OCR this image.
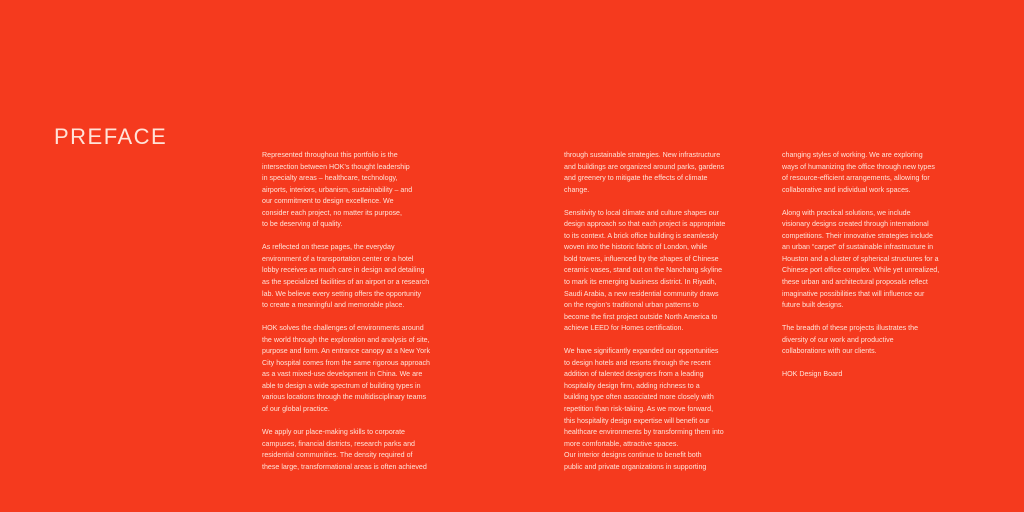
PREFACE

Represented throughout this portfolio is the
intersection between HOK’s thought leadership
in specialty areas – healthcare, technology,
airports, interiors, urbanism, sustainability – and
our commitment to design excellence. We
consider each project, no matter its purpose,
to be deserving of quality.

As reflected on these pages, the everyday
environment of a transportation center or a hotel
lobby receives as much care in design and detailing
as the specialized facilities of an airport or a research
lab. We believe every setting offers the opportunity
to create a meaningful and memorable place.

HOK solves the challenges of environments around
the world through the exploration and analysis of site,
purpose and form. An entrance canopy at a New York
City hospital comes from the same rigorous approach
as a vast mixed-use development in China. We are
able to design a wide spectrum of building types in
various locations through the multidisciplinary teams
of our global practice.

We apply our place-making skills to corporate
campuses, financial districts, research parks and
residential communities. The density required of
these large, transformational areas is often achieved

through sustainable strategies. New infrastructure
and buildings are organized around parks, gardens
and greenery to mitigate the effects of climate
change.

Sensitivity to local climate and culture shapes our
design approach so that each project is appropriate
to its context. A brick office building is seamlessly
woven into the historic fabric of London, while
bold towers, influenced by the shapes of Chinese
ceramic vases, stand out on the Nanchang skyline
to mark its emerging business district. In Riyadh,
Saudi Arabia, a new residential community draws
on the region’s traditional urban patterns to
become the first project outside North America to
achieve LEED for Homes certification.

We have significantly expanded our opportunities
to design hotels and resorts through the recent
addition of talented designers from a leading
hospitality design firm, adding richness to a
building type often associated more closely with
repetition than risk-taking. As we move forward,
this hospitality design expertise will benefit our
healthcare environments by transforming them into
more comfortable, attractive spaces.
Our interior designs continue to benefit both
public and private organizations in supporting

changing styles of working. We are exploring
ways of humanizing the office through new types
of resource-efficient arrangements, allowing for
collaborative and individual work spaces.

Along with practical solutions, we include
visionary designs created through international
competitions. Their innovative strategies include
an urban “carpet” of sustainable infrastructure in
Houston and a cluster of spherical structures for a
Chinese port office complex. While yet unrealized,
these urban and architectural proposals reflect
imaginative possibilities that will influence our
future built designs.

The breadth of these projects illustrates the
diversity of our work and productive
collaborations with our clients.

HOK Design Board
